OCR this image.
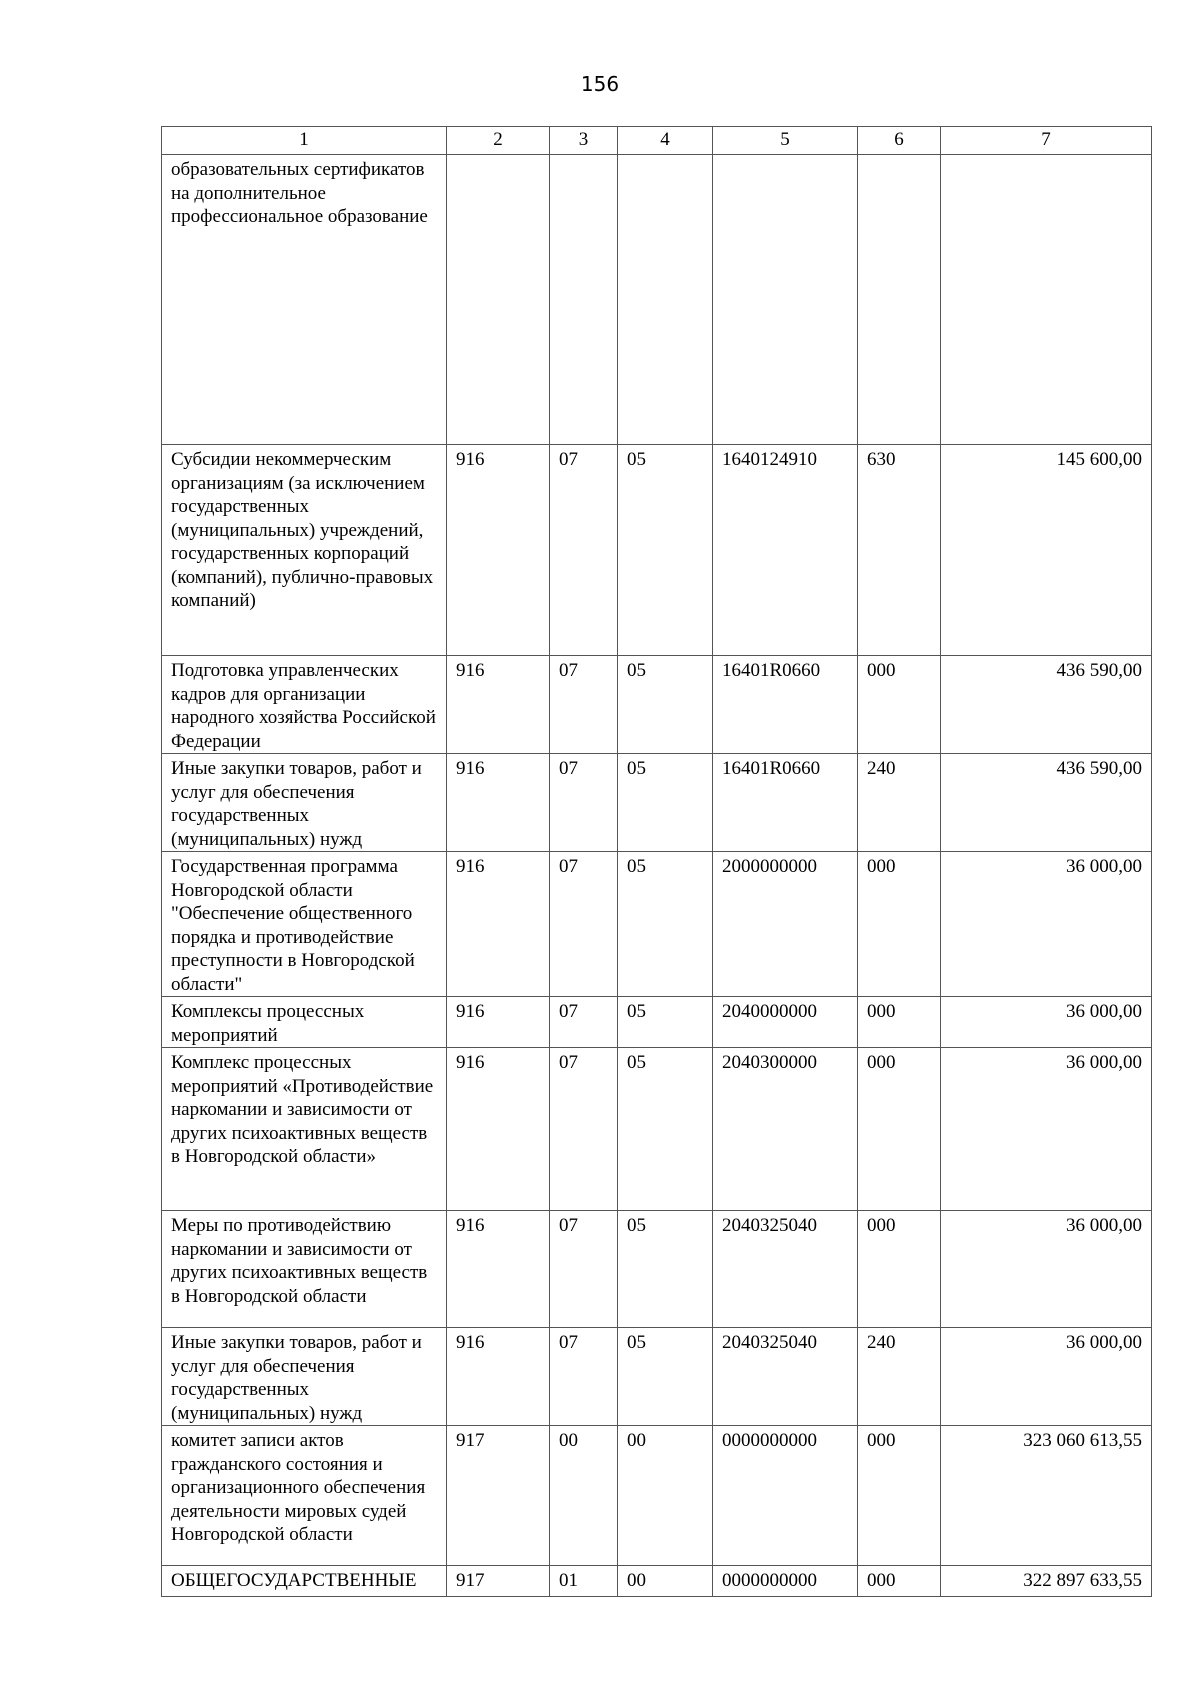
156
1	2	3	4	5	6	7
образовательных сертификатов на дополнительное профессиональное образование						
Субсидии некоммерческим организациям (за исключением государственных (муниципальных) учреждений, государственных корпораций (компаний), публично-правовых компаний)	916	07	05	1640124910	630	145 600,00
Подготовка управленческих кадров для организации народного хозяйства Российской Федерации	916	07	05	16401R0660	000	436 590,00
Иные закупки товаров, работ и услуг для обеспечения государственных (муниципальных) нужд	916	07	05	16401R0660	240	436 590,00
Государственная программа Новгородской области "Обеспечение общественного порядка и противодействие преступности в Новгородской области"	916	07	05	2000000000	000	36 000,00
Комплексы процессных мероприятий	916	07	05	2040000000	000	36 000,00
Комплекс процессных мероприятий «Противодействие наркомании и зависимости от других психоактивных веществ в Новгородской области»	916	07	05	2040300000	000	36 000,00
Меры по противодействию наркомании и зависимости от других психоактивных веществ в Новгородской области	916	07	05	2040325040	000	36 000,00
Иные закупки товаров, работ и услуг для обеспечения государственных (муниципальных) нужд	916	07	05	2040325040	240	36 000,00
комитет записи актов гражданского состояния и организационного обеспечения деятельности мировых судей Новгородской области	917	00	00	0000000000	000	323 060 613,55
ОБЩЕГОСУДАРСТВЕННЫЕ	917	01	00	0000000000	000	322 897 633,55
